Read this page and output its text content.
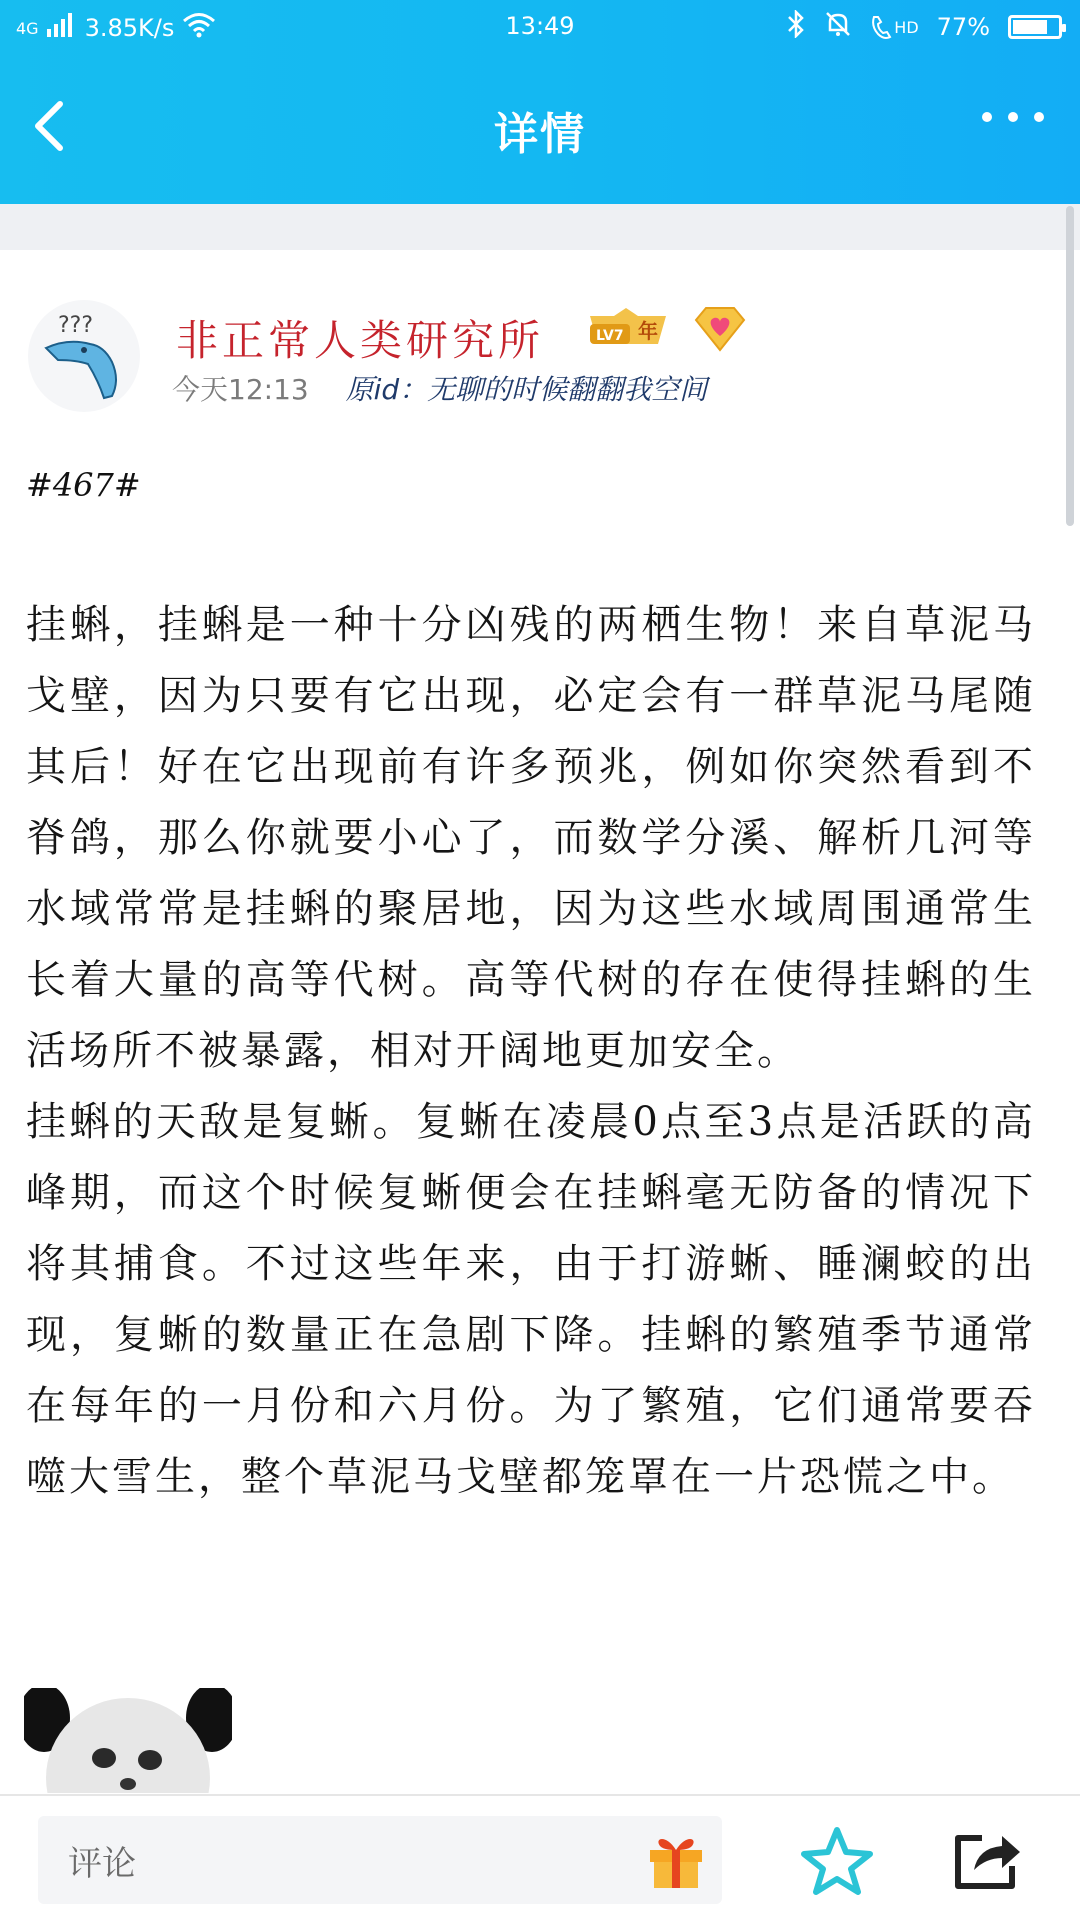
4G 3.85K/s	13:49	HD 77%
详情
??? 非正常人类研究所	LV7 年
今天12:13 原id：无聊的时候翻翻我空间
#467#

挂蝌，挂蝌是一种十分凶残的两栖生物！来自草泥马戈壁，因为只要有它出现，必定会有一群草泥马尾随其后！好在它出现前有许多预兆，例如你突然看到不脊鸽，那么你就要小心了，而数学分溪、解析几河等水域常常是挂蝌的聚居地，因为这些水域周围通常生长着大量的高等代树。高等代树的存在使得挂蝌的生活场所不被暴露，相对开阔地更加安全。

挂蝌的天敌是复蜥。复蜥在凌晨0点至3点是活跃的高峰期，而这个时候复蜥便会在挂蝌毫无防备的情况下将其捕食。不过这些年来，由于打游蜥、睡澜蛟的出现，复蜥的数量正在急剧下降。挂蝌的繁殖季节通常在每年的一月份和六月份。为了繁殖，它们通常要吞噬大雪生，整个草泥马戈壁都笼罩在一片恐慌之中。

评论
